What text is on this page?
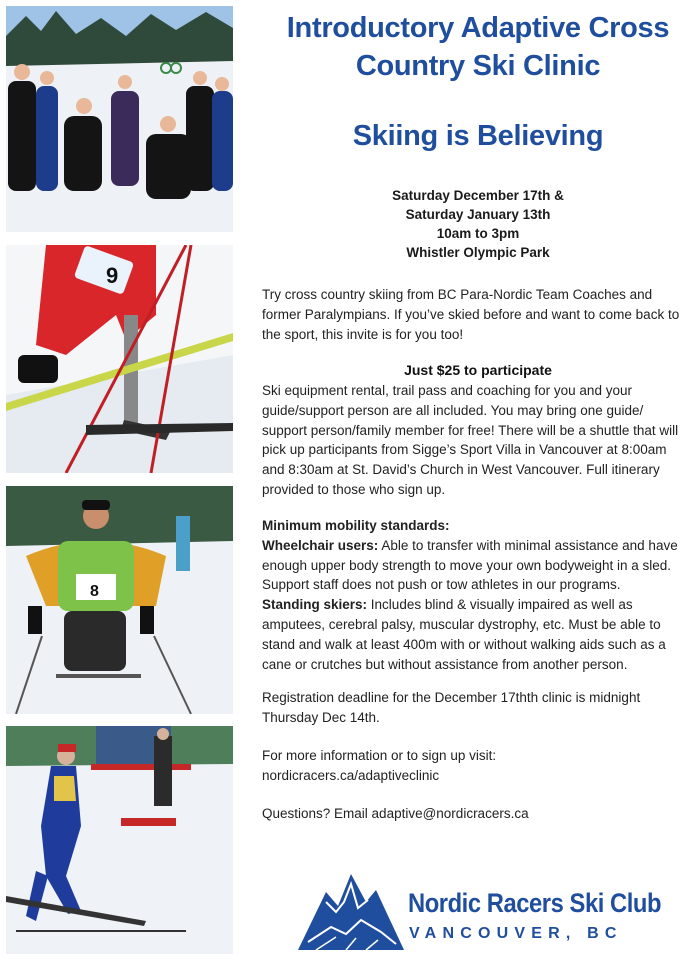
9
8
Introductory Adaptive Cross
Country Ski Clinic
Skiing is Believing
Saturday December 17th &
Saturday January 13th
10am to 3pm
Whistler Olympic Park
Try cross country skiing from BC Para-Nordic Team Coaches and former Paralympians. If you’ve skied before and want to come back to the sport, this invite is for you too!
Just $25 to participate
Ski equipment rental, trail pass and coaching for you and your guide/support person are all included. You may bring one guide/ support person/family member for free! There will be a shuttle that will pick up participants from Sigge’s Sport Villa in Vancouver at 8:00am and 8:30am at St. David’s Church in West Vancouver. Full itinerary provided to those who sign up.
Minimum mobility standards:
Wheelchair users: Able to transfer with minimal assistance and have enough upper body strength to move your own bodyweight in a sled. Support staff does not push or tow athletes in our programs.
Standing skiers: Includes blind & visually impaired as well as amputees, cerebral palsy, muscular dystrophy, etc. Must be able to stand and walk at least 400m with or without walking aids such as a cane or crutches but without assistance from another person.
Registration deadline for the December 17thth clinic is midnight Thursday Dec 14th.
For more information or to sign up visit:
nordicracers.ca/adaptiveclinic
Questions? Email adaptive@nordicracers.ca
Nordic Racers Ski Club
VANCOUVER, BC
